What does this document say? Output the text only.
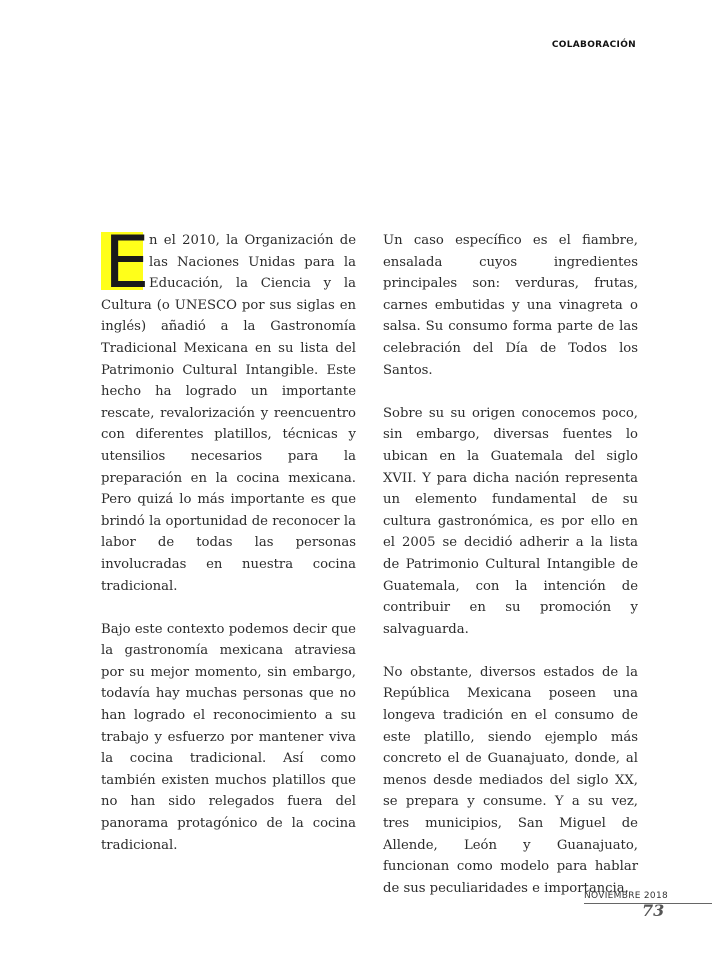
COLABORACIÓN

E n el 2010, la Organización de las Naciones Unidas para la Educación, la Ciencia y la Cultura (o UNESCO por sus siglas en inglés) añadió a la Gastronomía Tradicional Mexicana en su lista del Patrimonio Cultural Intangible. Este hecho ha logrado un importante rescate, revalorización y reencuentro con diferentes platillos, técnicas y utensilios necesarios para la preparación en la cocina mexicana. Pero quizá lo más importante es que brindó la oportunidad de reconocer la labor de todas las personas involucradas en nuestra cocina tradicional.

Bajo este contexto podemos decir que la gastronomía mexicana atraviesa por su mejor momento, sin embargo, todavía hay muchas personas que no han logrado el reconocimiento a su trabajo y esfuerzo por mantener viva la cocina tradicional. Así como también existen muchos platillos que no han sido relegados fuera del panorama protagónico de la cocina tradicional.

Un caso específico es el fiambre, ensalada cuyos ingredientes principales son: verduras, frutas, carnes embutidas y una vinagreta o salsa. Su consumo forma parte de las celebración del Día de Todos los Santos.

Sobre su su origen conocemos poco, sin embargo, diversas fuentes lo ubican en la Guatemala del siglo XVII. Y para dicha nación representa un elemento fundamental de su cultura gastronómica, es por ello en el 2005 se decidió adherir a la lista de Patrimonio Cultural Intangible de Guatemala, con la intención de contribuir en su promoción y salvaguarda.

No obstante, diversos estados de la República Mexicana poseen una longeva tradición en el consumo de este platillo, siendo ejemplo más concreto el de Guanajuato, donde, al menos desde mediados del siglo XX, se prepara y consume. Y a su vez, tres municipios, San Miguel de Allende, León y Guanajuato, funcionan como modelo para hablar de sus peculiaridades e importancia.

NOVIEMBRE 2018
73
